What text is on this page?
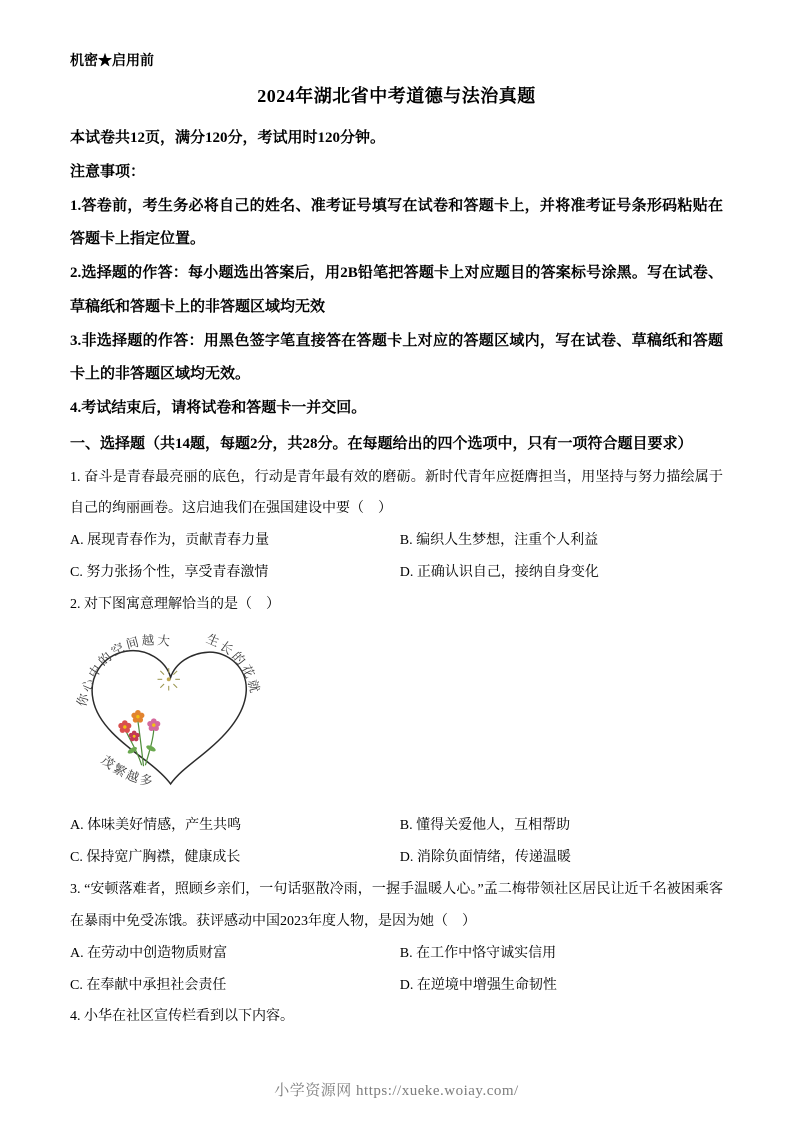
机密★启用前
2024年湖北省中考道德与法治真题

本试卷共12页，满分120分，考试用时120分钟。

注意事项：

1.答卷前，考生务必将自己的姓名、准考证号填写在试卷和答题卡上，并将准考证号条形码粘贴在答题卡上指定位置。

2.选择题的作答：每小题选出答案后，用2B铅笔把答题卡上对应题目的答案标号涂黑。写在试卷、草稿纸和答题卡上的非答题区域均无效

3.非选择题的作答：用黑色签字笔直接答在答题卡上对应的答题区域内，写在试卷、草稿纸和答题卡上的非答题区域均无效。

4.考试结束后，请将试卷和答题卡一并交回。

一、选择题（共14题，每题2分，共28分。在每题给出的四个选项中，只有一项符合题目要求）

1. 奋斗是青春最亮丽的底色，行动是青年最有效的磨砺。新时代青年应挺膺担当，用坚持与努力描绘属于自己的绚丽画卷。这启迪我们在强国建设中要（　）

A. 展现青春作为，贡献青春力量	B. 编织人生梦想，注重个人利益
C. 努力张扬个性，享受青春激情	D. 正确认识自己，接纳自身变化

2. 对下图寓意理解恰当的是（　）

你心中的空间越大 生长的花就
茂繁越多
A. 体味美好情感，产生共鸣	B. 懂得关爱他人，互相帮助
C. 保持宽广胸襟，健康成长	D. 消除负面情绪，传递温暖

3. “安顿落难者，照顾乡亲们，一句话驱散冷雨，一握手温暖人心。”孟二梅带领社区居民让近千名被困乘客在暴雨中免受冻饿。获评感动中国2023年度人物，是因为她（　）

A. 在劳动中创造物质财富	B. 在工作中恪守诚实信用
C. 在奉献中承担社会责任	D. 在逆境中增强生命韧性

4. 小华在社区宣传栏看到以下内容。

小学资源网 https://xueke.woiay.com/
